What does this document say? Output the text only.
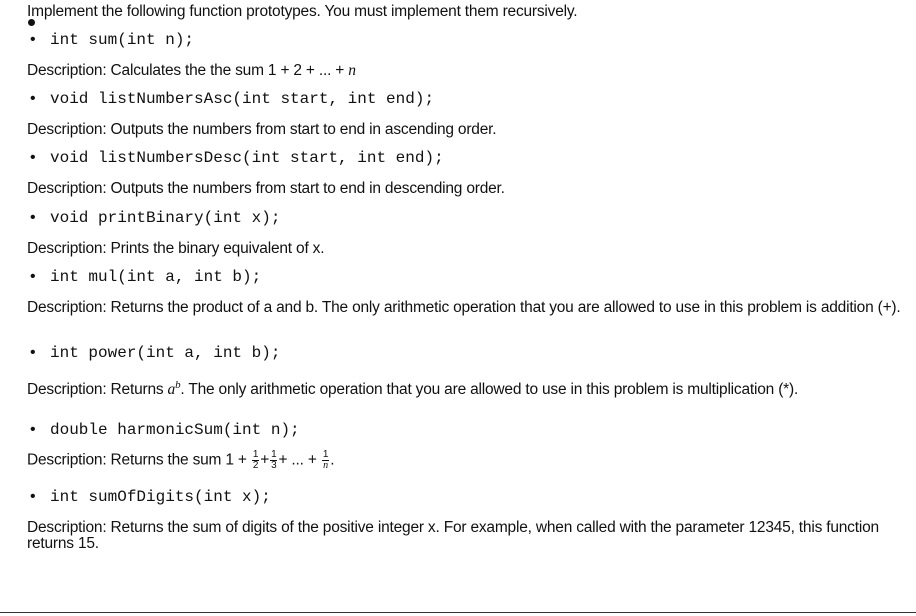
Implement the following function prototypes. You must implement them recursively.
• int sum(int n);
Description: Calculates the the sum 1 + 2 + ... + n
• void listNumbersAsc(int start, int end);
Description: Outputs the numbers from start to end in ascending order.
• void listNumbersDesc(int start, int end);
Description: Outputs the numbers from start to end in descending order.
• void printBinary(int x);
Description: Prints the binary equivalent of x.
• int mul(int a, int b);
Description: Returns the product of a and b. The only arithmetic operation that you are allowed to use in this problem is addition (+).
• int power(int a, int b);
Description: Returns $a^b$. The only arithmetic operation that you are allowed to use in this problem is multiplication (*).
• double harmonicSum(int n);
Description: Returns the sum $1 + \frac{1}{2} + \frac{1}{3}$ + ... + $\frac{1}{n}$ .
• int sumOfDigits(int x);
Description: Returns the sum of digits of the positive integer x. For example, when called with the parameter 12345, this function returns 15.
